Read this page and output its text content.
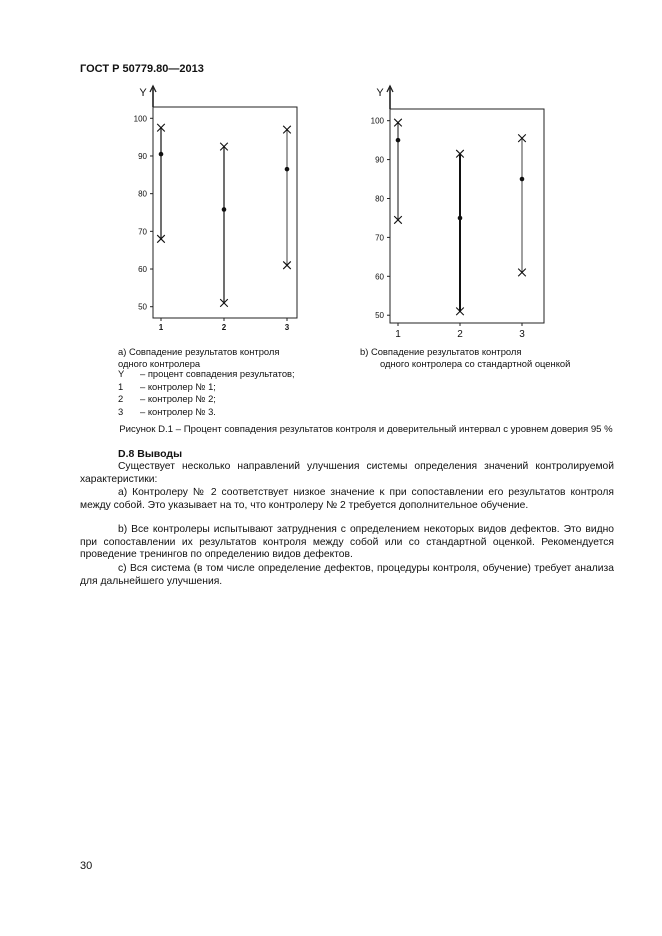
ГОСТ Р 50779.80—2013
Y
50
60
70
80
90
100
1	2	3
Y
50
60
70
80
90
100
1	2	3
a) Совпадение результатов контроля
одного контролера
b) Совпадение результатов контроля
одного контролера со стандартной оценкой
Y	– процент совпадения результатов;
1	– контролер № 1;
2	– контролер № 2;
3	– контролер № 3.
Рисунок D.1 – Процент совпадения результатов контроля и доверительный интервал с уровнем доверия 95 %
D.8 Выводы

Существует несколько направлений улучшения системы определения значений контролируемой характеристики:

a) Контролеру № 2 соответствует низкое значение κ при сопоставлении его результатов контроля между собой. Это указывает на то, что контролеру № 2 требуется дополнительное обучение.

b) Все контролеры испытывают затруднения с определением некоторых видов дефектов. Это видно при сопоставлении их результатов контроля между собой или со стандартной оценкой. Рекомендуется проведение тренингов по определению видов дефектов.

c) Вся система (в том числе определение дефектов, процедуры контроля, обучение) требует анализа для дальнейшего улучшения.

30
